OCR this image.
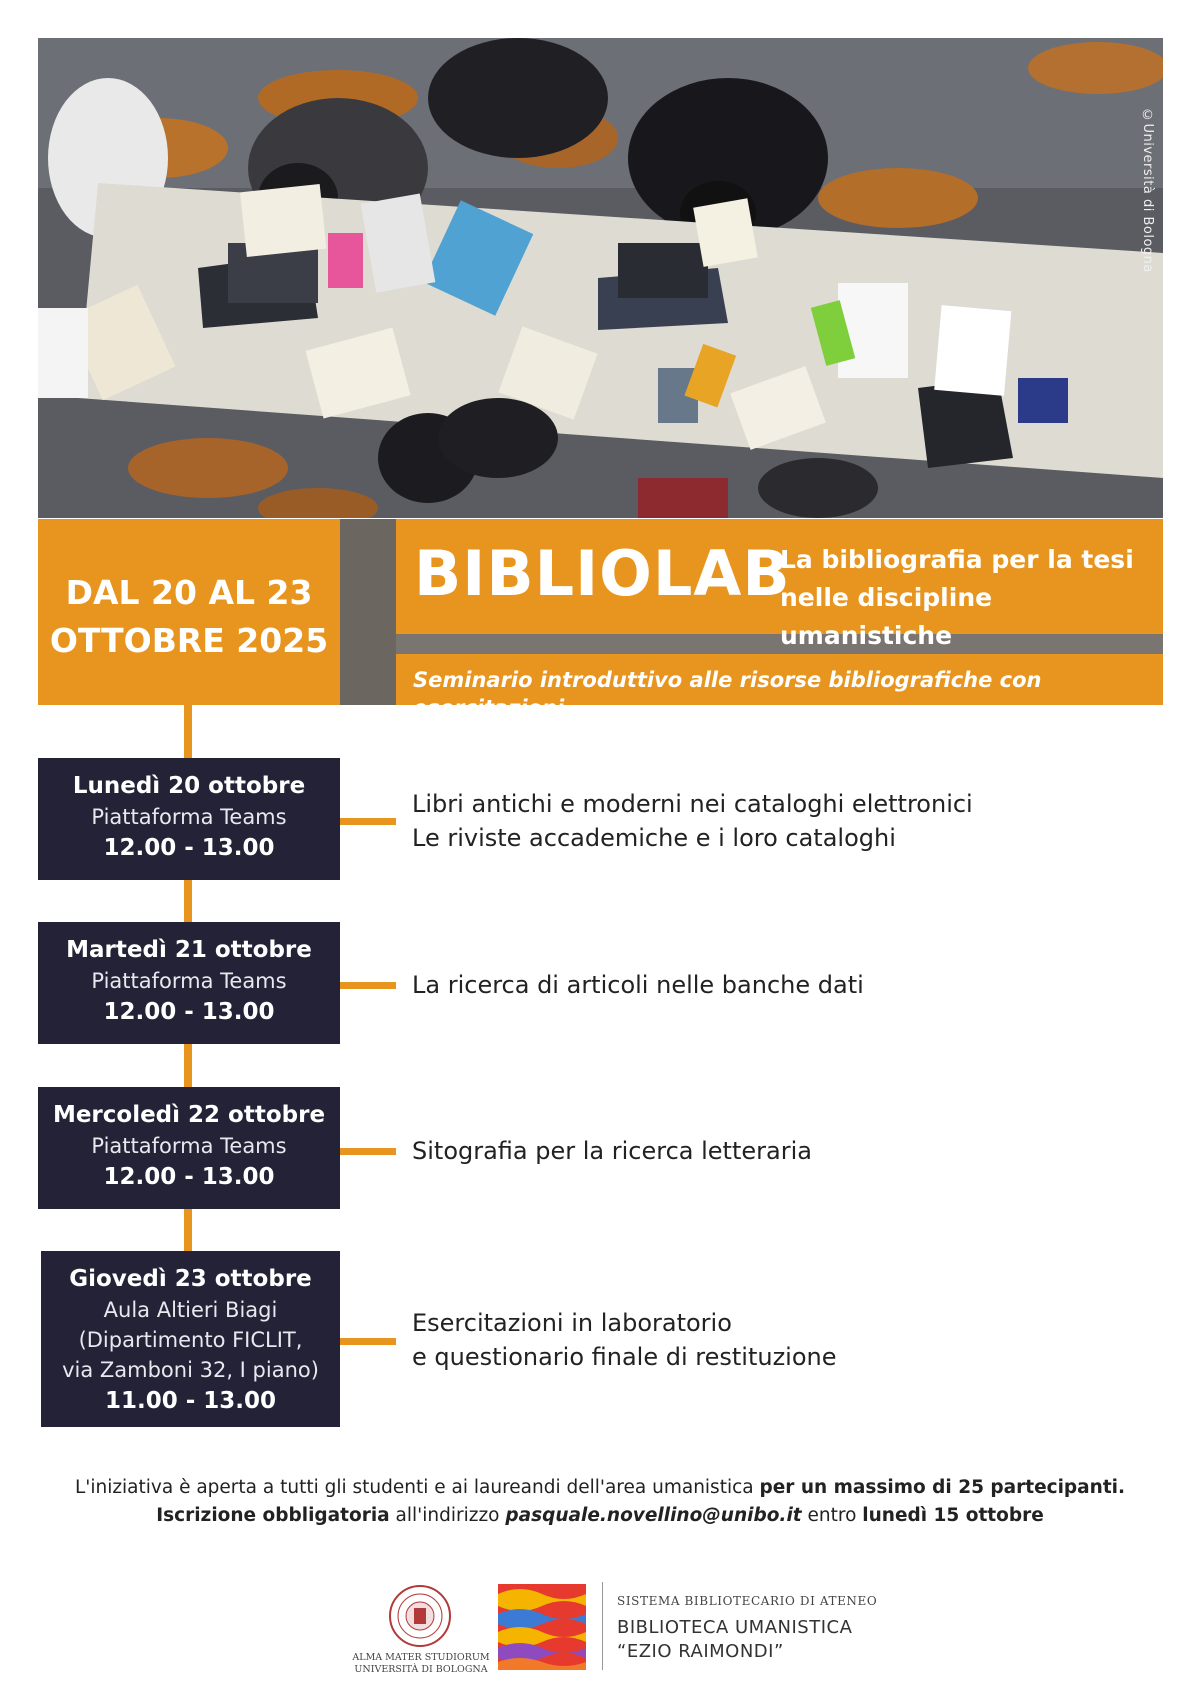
©Università di Bologna
DAL 20 AL 23
OTTOBRE 2025
BIBLIOLAB
La bibliografia per la tesi
nelle discipline umanistiche
Seminario introduttivo alle risorse bibliografiche con esercitazioni
Lunedì 20 ottobre
Piattaforma Teams
12.00 - 13.00
Libri antichi e moderni nei cataloghi elettronici
Le riviste accademiche e i loro cataloghi
Martedì 21 ottobre
Piattaforma Teams
12.00 - 13.00
La ricerca di articoli nelle banche dati
Mercoledì 22 ottobre
Piattaforma Teams
12.00 - 13.00
Sitografia per la ricerca letteraria
Giovedì 23 ottobre
Aula Altieri Biagi
(Dipartimento FICLIT,
via Zamboni 32, I piano)
11.00 - 13.00
Esercitazioni in laboratorio
e questionario finale di restituzione
L'iniziativa è aperta a tutti gli studenti e ai laureandi dell'area umanistica per un massimo di 25 partecipanti.
Iscrizione obbligatoria all'indirizzo pasquale.novellino@unibo.it entro lunedì 15 ottobre
ALMA MATER STUDIORUM
UNIVERSITÀ DI BOLOGNA
SISTEMA BIBLIOTECARIO DI ATENEO
BIBLIOTECA UMANISTICA
“EZIO RAIMONDI”
